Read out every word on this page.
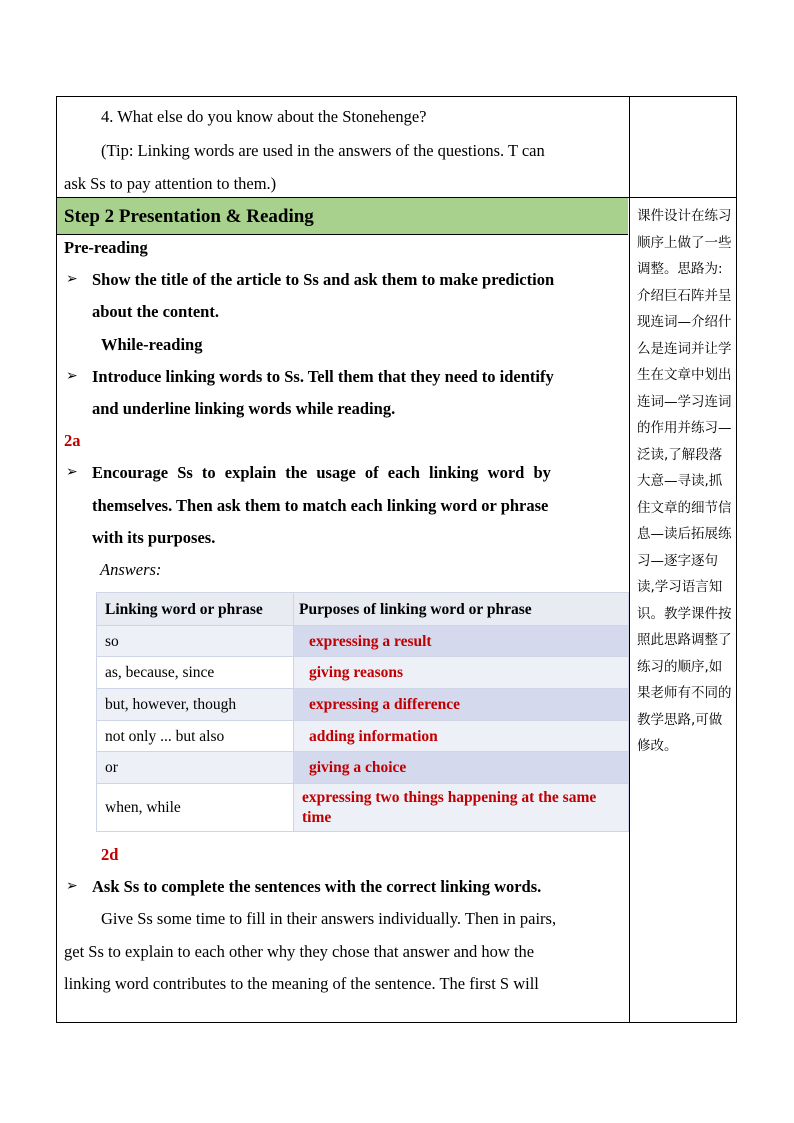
4. What else do you know about the Stonehenge?
(Tip: Linking words are used in the answers of the questions. T can
ask Ss to pay attention to them.)
Step 2 Presentation & Reading
Pre-reading
➢ Show the title of the article to Ss and ask them to make prediction
about the content.
While-reading
➢ Introduce linking words to Ss. Tell them that they need to identify
and underline linking words while reading.
2a
➢ Encourage Ss to explain the usage of each linking word by
themselves. Then ask them to match each linking word or phrase
with its purposes.
Answers:
Linking word or phrase	Purposes of linking word or phrase
so	expressing a result
as, because, since	giving reasons
but, however, though	expressing a difference
not only ... but also	adding information
or	giving a choice
when, while	expressing two things happening at the same time
2d
➢ Ask Ss to complete the sentences with the correct linking words.
Give Ss some time to fill in their answers individually. Then in pairs,
get Ss to explain to each other why they chose that answer and how the
linking word contributes to the meaning of the sentence. The first S will
课件设计在练习顺序上做了一些调整。思路为: 介绍巨石阵并呈现连词—介绍什么是连词并让学生在文章中划出连词—学习连词的作用并练习—泛读,了解段落大意—寻读,抓住文章的细节信息—读后拓展练习—逐字逐句读,学习语言知识。教学课件按照此思路调整了练习的顺序,如果老师有不同的教学思路,可做修改。
